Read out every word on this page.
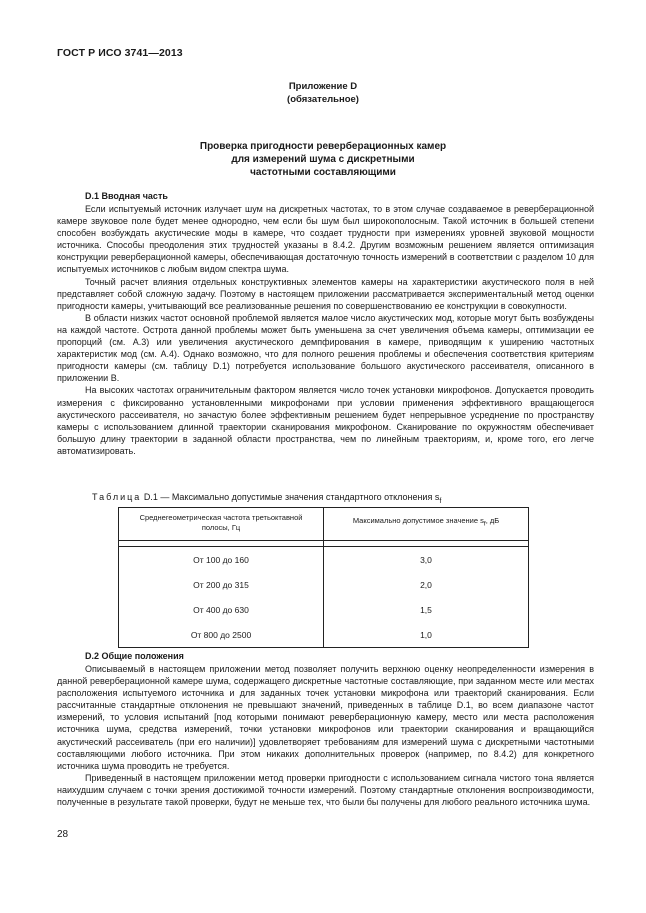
ГОСТ Р ИСО 3741—2013
Приложение D
(обязательное)
Проверка пригодности реверберационных камер
для измерений шума с дискретными
частотными составляющими
D.1 Вводная часть

Если испытуемый источник излучает шум на дискретных частотах, то в этом случае создаваемое в реверберационной камере звуковое поле будет менее однородно, чем если бы шум был широкополосным. Такой источник в большей степени способен возбуждать акустические моды в камере, что создает трудности при измерениях уровней звуковой мощности источника. Способы преодоления этих трудностей указаны в 8.4.2. Другим возможным решением является оптимизация конструкции реверберационной камеры, обеспечивающая достаточную точность измерений в соответствии с разделом 10 для испытуемых источников с любым видом спектра шума.

Точный расчет влияния отдельных конструктивных элементов камеры на характеристики акустического поля в ней представляет собой сложную задачу. Поэтому в настоящем приложении рассматривается экспериментальный метод оценки пригодности камеры, учитывающий все реализованные решения по совершенствованию ее конструкции в совокупности.

В области низких частот основной проблемой является малое число акустических мод, которые могут быть возбуждены на каждой частоте. Острота данной проблемы может быть уменьшена за счет увеличения объема камеры, оптимизации ее пропорций (см. А.3) или увеличения акустического демпфирования в камере, приводящим к уширению частотных характеристик мод (см. А.4). Однако возможно, что для полного решения проблемы и обеспечения соответствия критериям пригодности камеры (см. таблицу D.1) потребуется использование большого акустического рассеивателя, описанного в приложении В.

На высоких частотах ограничительным фактором является число точек установки микрофонов. Допускается проводить измерения с фиксированно установленными микрофонами при условии применения эффективного вращающегося акустического рассеивателя, но зачастую более эффективным решением будет непрерывное усреднение по пространству камеры с использованием длинной траектории сканирования микрофоном. Сканирование по окружностям обеспечивает большую длину траектории в заданной области пространства, чем по линейным траекториям, и, кроме того, его легче автоматизировать.

Таблица D.1 — Максимально допустимые значения стандартного отклонения $s_f$
Среднегеометрическая частота третьоктавной полосы, Гц	Максимально допустимое значение $s_f$, дБ

От 100 до 160	3,0
От 200 до 315	2,0
От 400 до 630	1,5
От 800 до 2500	1,0
D.2 Общие положения

Описываемый в настоящем приложении метод позволяет получить верхнюю оценку неопределенности измерения в данной реверберационной камере шума, содержащего дискретные частотные составляющие, при заданном месте или местах расположения испытуемого источника и для заданных точек установки микрофона или траекторий сканирования. Если рассчитанные стандартные отклонения не превышают значений, приведенных в таблице D.1, во всем диапазоне частот измерений, то условия испытаний [под которыми понимают реверберационную камеру, место или места расположения источника шума, средства измерений, точки установки микрофонов или траектории сканирования и вращающийся акустический рассеиватель (при его наличии)] удовлетворяет требованиям для измерений шума с дискретными частотными составляющими любого источника. При этом никаких дополнительных проверок (например, по 8.4.2) для конкретного источника шума проводить не требуется.

Приведенный в настоящем приложении метод проверки пригодности с использованием сигнала чистого тона является наихудшим случаем с точки зрения достижимой точности измерений. Поэтому стандартные отклонения воспроизводимости, полученные в результате такой проверки, будут не меньше тех, что были бы получены для любого реального источника шума.

28
